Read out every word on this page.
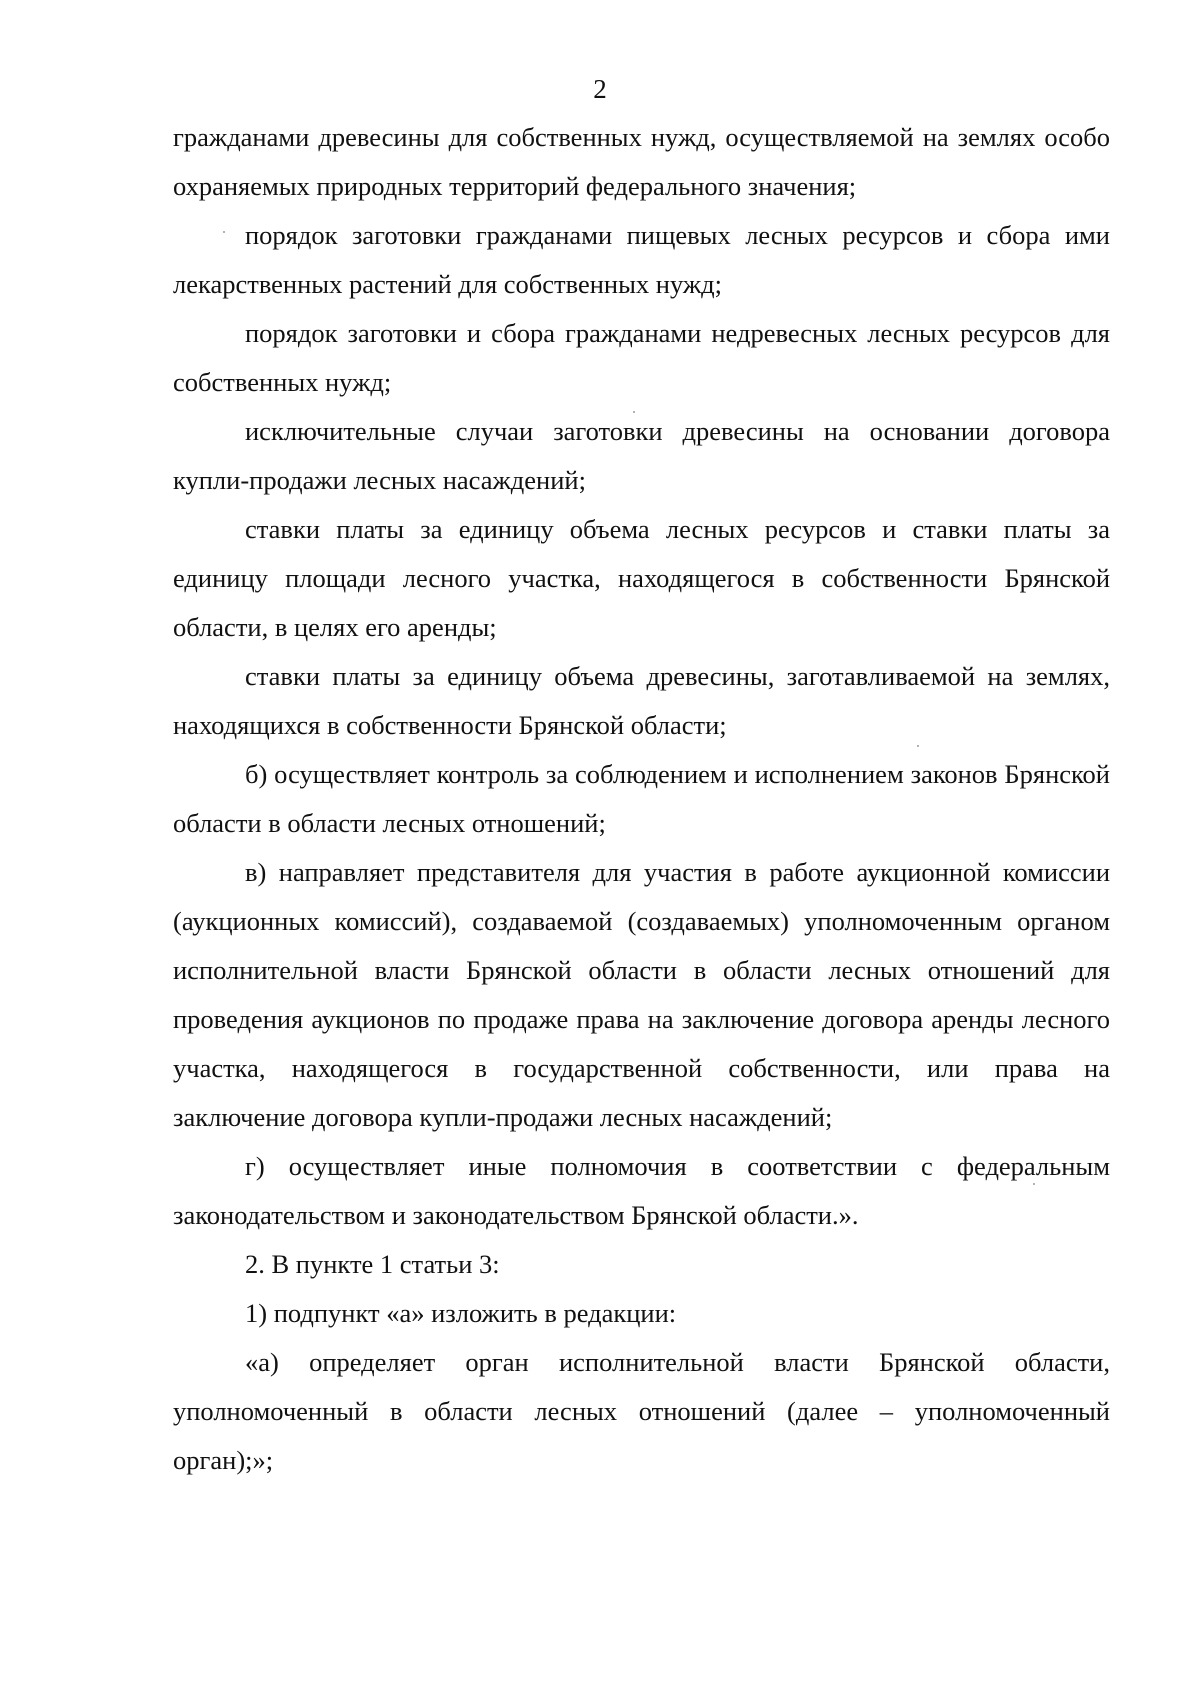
2

гражданами древесины для собственных нужд, осуществляемой на землях особо охраняемых природных территорий федерального значения;

порядок заготовки гражданами пищевых лесных ресурсов и сбора ими лекарственных растений для собственных нужд;

порядок заготовки и сбора гражданами недревесных лесных ресурсов для собственных нужд;

исключительные случаи заготовки древесины на основании договора купли-продажи лесных насаждений;

ставки платы за единицу объема лесных ресурсов и ставки платы за единицу площади лесного участка, находящегося в собственности Брянской области, в целях его аренды;

ставки платы за единицу объема древесины, заготавливаемой на землях, находящихся в собственности Брянской области;

б) осуществляет контроль за соблюдением и исполнением законов Брянской области в области лесных отношений;

в) направляет представителя для участия в работе аукционной комиссии (аукционных комиссий), создаваемой (создаваемых) уполномоченным органом исполнительной власти Брянской области в области лесных отношений для проведения аукционов по продаже права на заключение договора аренды лесного участка, находящегося в государственной собственности, или права на заключение договора купли-продажи лесных насаждений;

г) осуществляет иные полномочия в соответствии с федеральным законодательством и законодательством Брянской области.».

2. В пункте 1 статьи 3:

1) подпункт «а» изложить в редакции:

«а) определяет орган исполнительной власти Брянской области, уполномоченный в области лесных отношений (далее – уполномоченный орган);»;
